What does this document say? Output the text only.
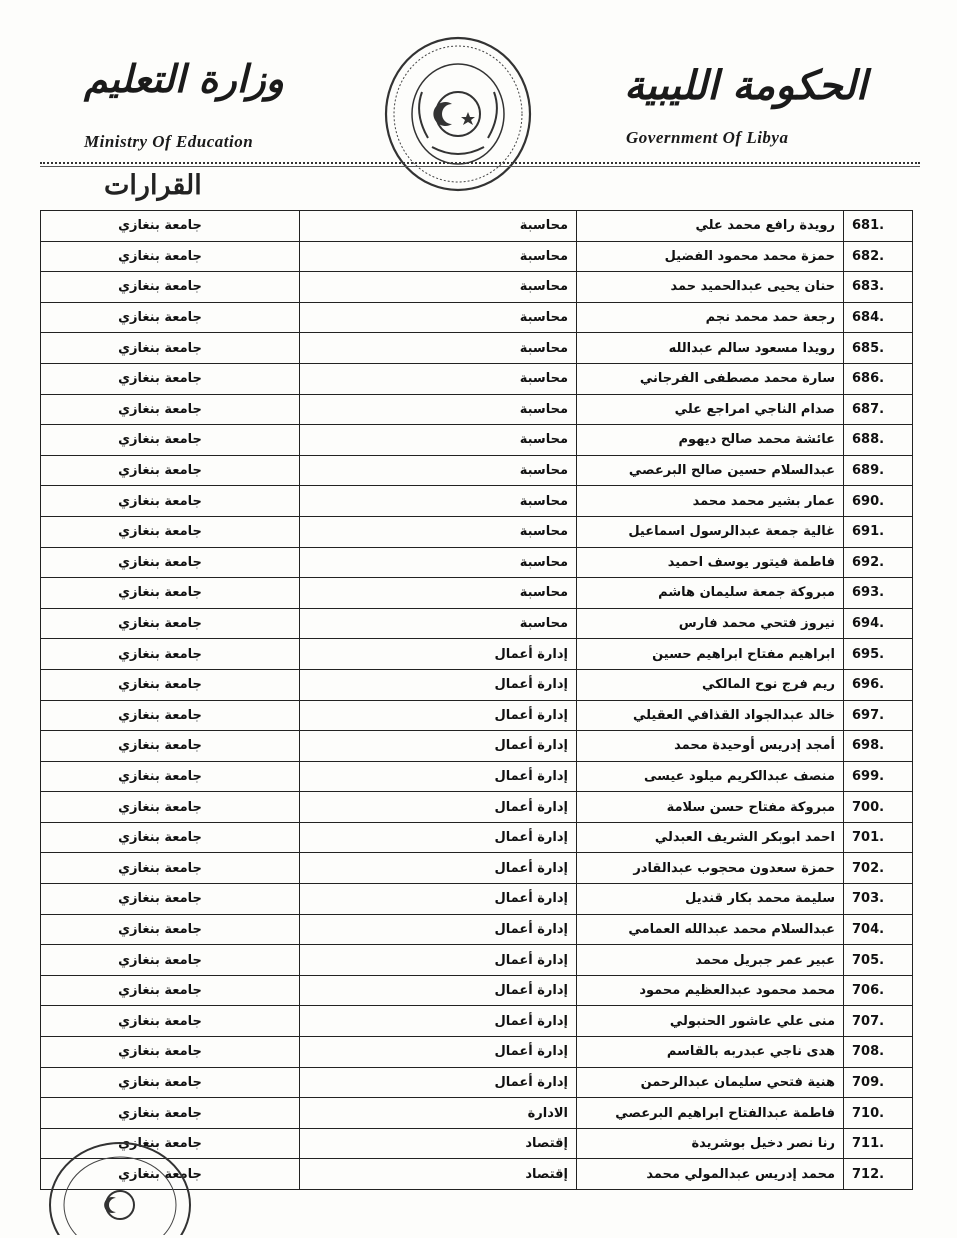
الحكومة الليبية
Government Of Libya
وزارة التعليم
Ministry Of Education
القرارات
681.	رويدة رافع محمد علي	محاسبة	جامعة بنغازي
682.	حمزة محمد محمود الفضيل	محاسبة	جامعة بنغازي
683.	حنان يحيى عبدالحميد حمد	محاسبة	جامعة بنغازي
684.	رجعة حمد محمد نجم	محاسبة	جامعة بنغازي
685.	رويدا مسعود سالم عبدالله	محاسبة	جامعة بنغازي
686.	سارة محمد مصطفى الفرجاني	محاسبة	جامعة بنغازي
687.	صدام الناجي امراجع علي	محاسبة	جامعة بنغازي
688.	عائشة محمد صالح ديهوم	محاسبة	جامعة بنغازي
689.	عبدالسلام حسين صالح البرعصي	محاسبة	جامعة بنغازي
690.	عمار بشير محمد محمد	محاسبة	جامعة بنغازي
691.	غالية جمعة عبدالرسول اسماعيل	محاسبة	جامعة بنغازي
692.	فاطمة فيتور يوسف احميد	محاسبة	جامعة بنغازي
693.	مبروكة جمعة سليمان هاشم	محاسبة	جامعة بنغازي
694.	نيروز فتحي محمد فارس	محاسبة	جامعة بنغازي
695.	ابراهيم مفتاح ابراهيم حسين	إدارة أعمال	جامعة بنغازي
696.	ريم فرج نوح المالكي	إدارة أعمال	جامعة بنغازي
697.	خالد عبدالجواد القذافي العقيلي	إدارة أعمال	جامعة بنغازي
698.	أمجد إدريس أوحيدة محمد	إدارة أعمال	جامعة بنغازي
699.	منصف عبدالكريم ميلود عيسى	إدارة أعمال	جامعة بنغازي
700.	مبروكة مفتاح حسن سلامة	إدارة أعمال	جامعة بنغازي
701.	احمد ابوبكر الشريف العبدلي	إدارة أعمال	جامعة بنغازي
702.	حمزة سعدون محجوب عبدالقادر	إدارة أعمال	جامعة بنغازي
703.	سليمة محمد بكار قنديل	إدارة أعمال	جامعة بنغازي
704.	عبدالسلام محمد عبدالله العمامي	إدارة أعمال	جامعة بنغازي
705.	عبير عمر جبريل محمد	إدارة أعمال	جامعة بنغازي
706.	محمد محمود عبدالعظيم محمود	إدارة أعمال	جامعة بنغازي
707.	منى علي عاشور الحنبولي	إدارة أعمال	جامعة بنغازي
708.	هدى ناجي عبدربه بالقاسم	إدارة أعمال	جامعة بنغازي
709.	هنية فتحي سليمان عبدالرحمن	إدارة أعمال	جامعة بنغازي
710.	فاطمة عبدالفتاح ابراهيم البرعصي	الادارة	جامعة بنغازي
711.	رنا نصر دخيل بوشريدة	إقتصاد	جامعة بنغازي
712.	محمد إدريس عبدالمولي محمد	إقتصاد	جامعة بنغازي
